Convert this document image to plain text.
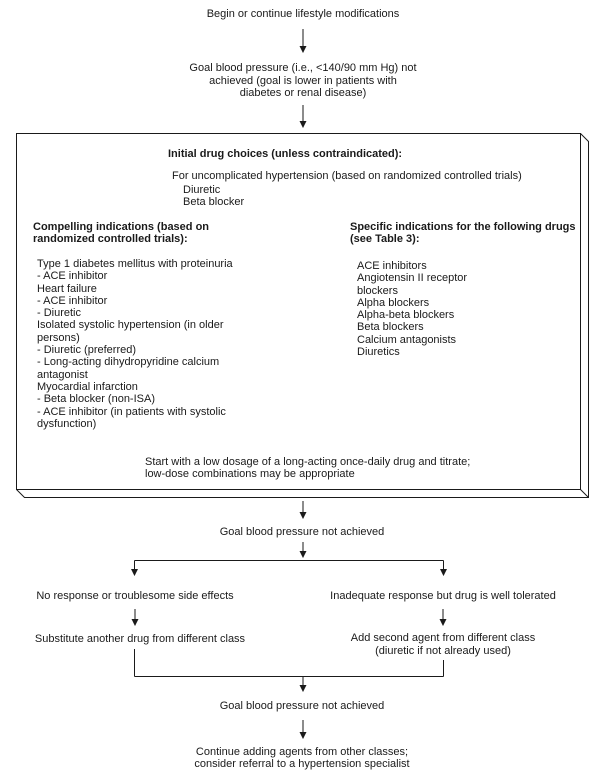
Begin or continue lifestyle modifications
Goal blood pressure (i.e., <140/90 mm Hg) not
achieved (goal is lower in patients with
diabetes or renal disease)
Initial drug choices (unless contraindicated):
For uncomplicated hypertension (based on randomized controlled trials)
Diuretic
Beta blocker
Compelling indications (based on
randomized controlled trials):
Type 1 diabetes mellitus with proteinuria
- ACE inhibitor
Heart failure
- ACE inhibitor
- Diuretic
Isolated systolic hypertension (in older
persons)
- Diuretic (preferred)
- Long-acting dihydropyridine calcium
antagonist
Myocardial infarction
- Beta blocker (non-ISA)
- ACE inhibitor (in patients with systolic
dysfunction)
Specific indications for the following drugs
(see Table 3):
ACE inhibitors
Angiotensin II receptor
blockers
Alpha blockers
Alpha-beta blockers
Beta blockers
Calcium antagonists
Diuretics
Start with a low dosage of a long-acting once-daily drug and titrate;
low-dose combinations may be appropriate
Goal blood pressure not achieved
No response or troublesome side effects	Inadequate response but drug is well tolerated
Substitute another drug from different class	Add second agent from different class
(diuretic if not already used)
Goal blood pressure not achieved
Continue adding agents from other classes;
consider referral to a hypertension specialist
